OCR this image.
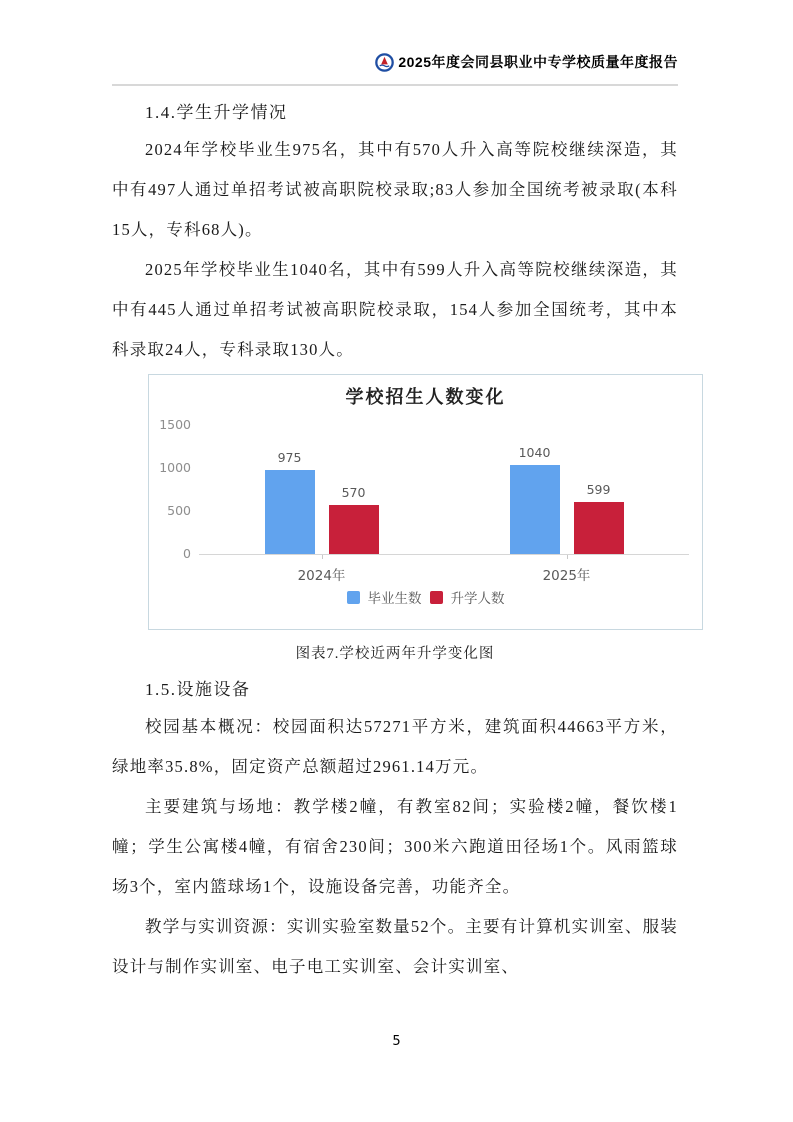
2025年度会同县职业中专学校质量年度报告
1.4.学生升学情况

2024年学校毕业生975名，其中有570人升入高等院校继续深造，其中有497人通过单招考试被高职院校录取;83人参加全国统考被录取(本科15人，专科68人)。

2025年学校毕业生1040名，其中有599人升入高等院校继续深造，其中有445人通过单招考试被高职院校录取，154人参加全国统考，其中本科录取24人，专科录取130人。

学校招生人数变化
0
500
1000
1500
975
570
2024年
1040
599
2025年
毕业生数 升学人数
图表7.学校近两年升学变化图
1.5.设施设备

校园基本概况：校园面积达57271平方米，建筑面积44663平方米，绿地率35.8%，固定资产总额超过2961.14万元。

主要建筑与场地：教学楼2幢，有教室82间；实验楼2幢，餐饮楼1幢；学生公寓楼4幢，有宿舍230间；300米六跑道田径场1个。风雨篮球场3个，室内篮球场1个，设施设备完善，功能齐全。

教学与实训资源：实训实验室数量52个。主要有计算机实训室、服装设计与制作实训室、电子电工实训室、会计实训室、

5
